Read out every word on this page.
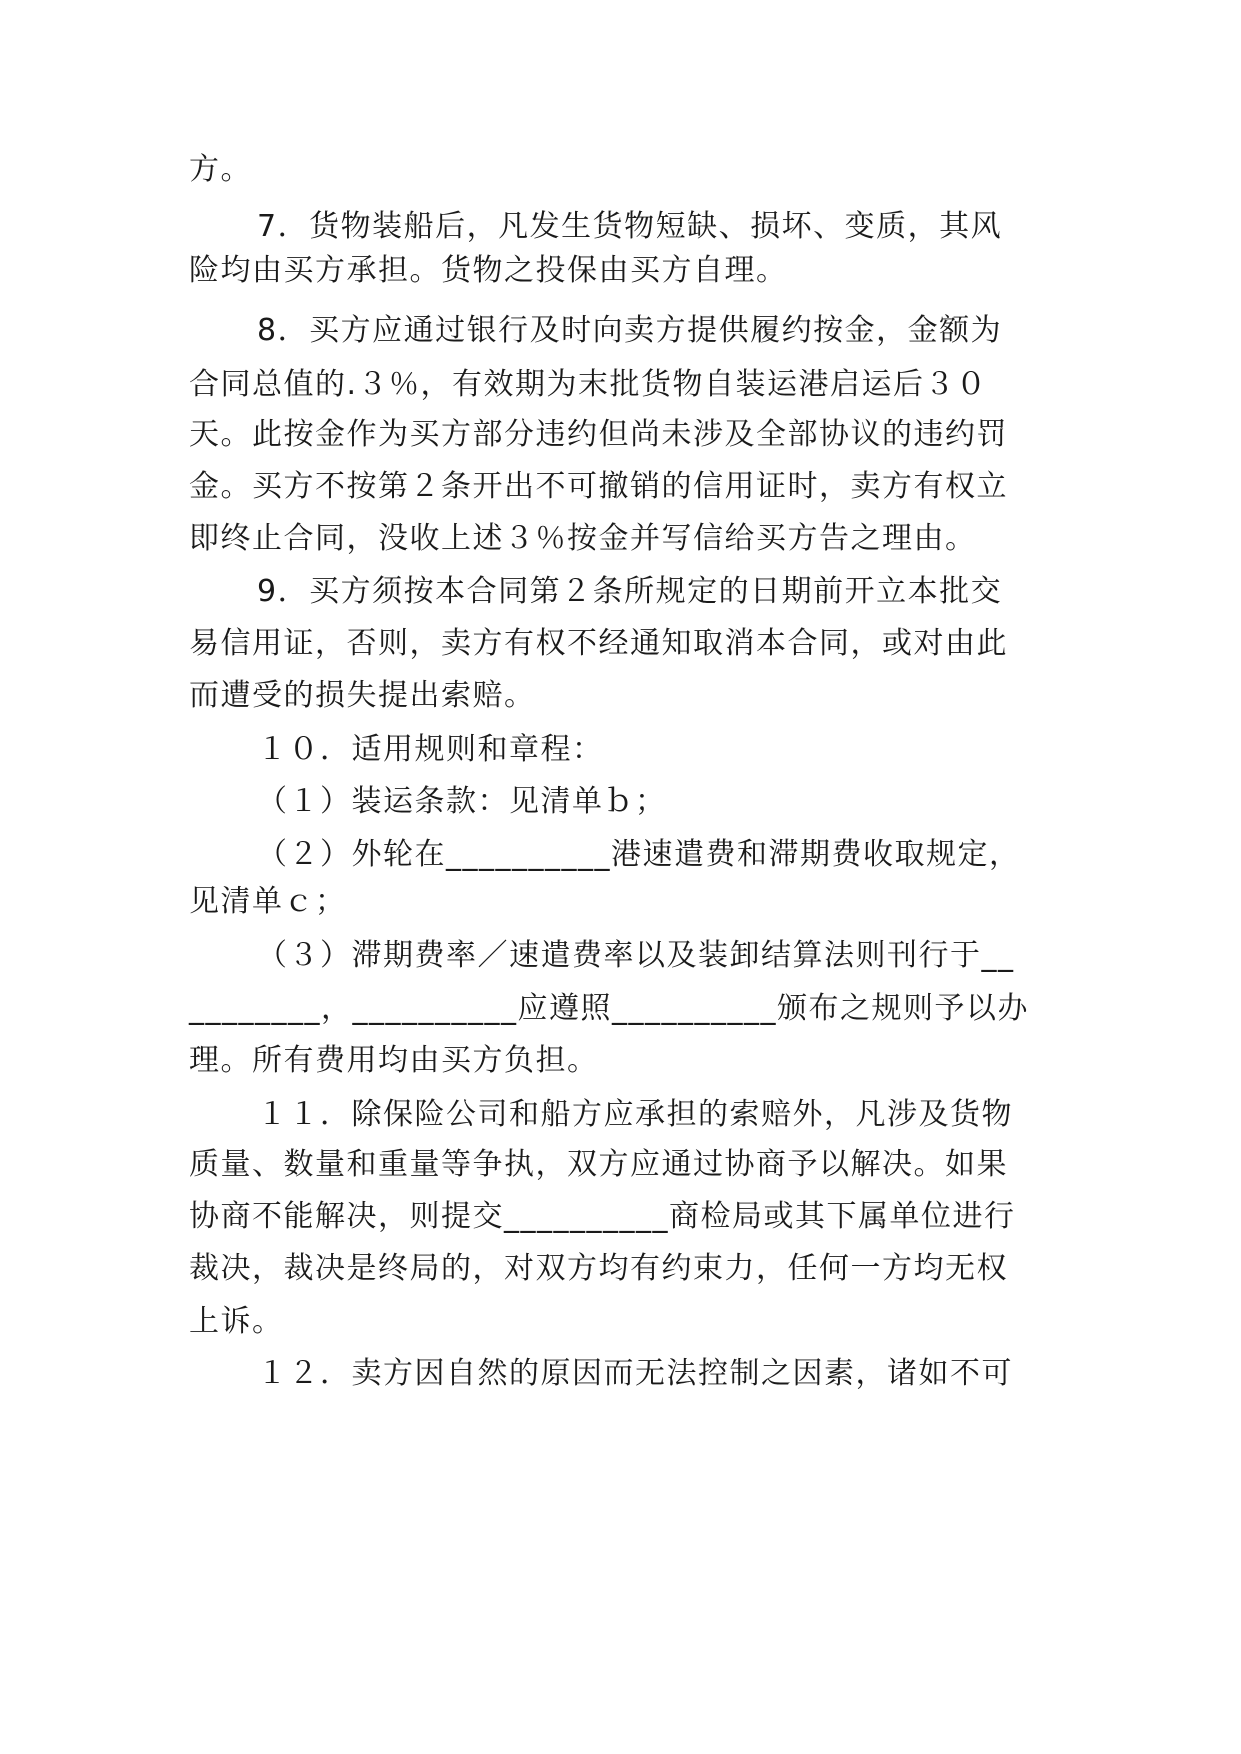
方。
7．货物装船后，凡发生货物短缺、损坏、变质，其风
险均由买方承担。货物之投保由买方自理。
8．买方应通过银行及时向卖方提供履约按金，金额为
合同总值的.３％，有效期为末批货物自装运港启运后３０
天。此按金作为买方部分违约但尚未涉及全部协议的违约罚
金。买方不按第２条开出不可撤销的信用证时，卖方有权立
即终止合同，没收上述３％按金并写信给买方告之理由。
9．买方须按本合同第２条所规定的日期前开立本批交
易信用证，否则，卖方有权不经通知取消本合同，或对由此
而遭受的损失提出索赔。
１０．适用规则和章程：
（１）装运条款：见清单ｂ；
（２）外轮在__________港速遣费和滞期费收取规定，
见清单ｃ；
（３）滞期费率／速遣费率以及装卸结算法则刊行于__
________，__________应遵照__________颁布之规则予以办
理。所有费用均由买方负担。
１１．除保险公司和船方应承担的索赔外，凡涉及货物
质量、数量和重量等争执，双方应通过协商予以解决。如果
协商不能解决，则提交__________商检局或其下属单位进行
裁决，裁决是终局的，对双方均有约束力，任何一方均无权
上诉。
１２．卖方因自然的原因而无法控制之因素，诸如不可
